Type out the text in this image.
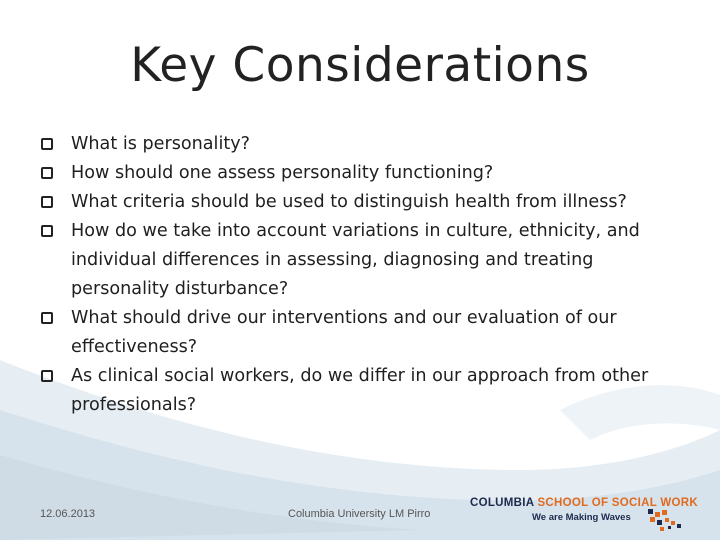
Key Considerations
What is personality?
How should one assess personality functioning?
What criteria should be used to distinguish health from illness?
How do we take into account variations in culture, ethnicity, and individual differences in assessing, diagnosing and treating personality disturbance?
What should drive our interventions and our evaluation of our effectiveness?
As clinical social workers, do we differ in our approach from other professionals?
12.06.2013	Columbia University LM Pirro
COLUMBIA SCHOOL OF SOCIAL WORK
We are Making Waves
